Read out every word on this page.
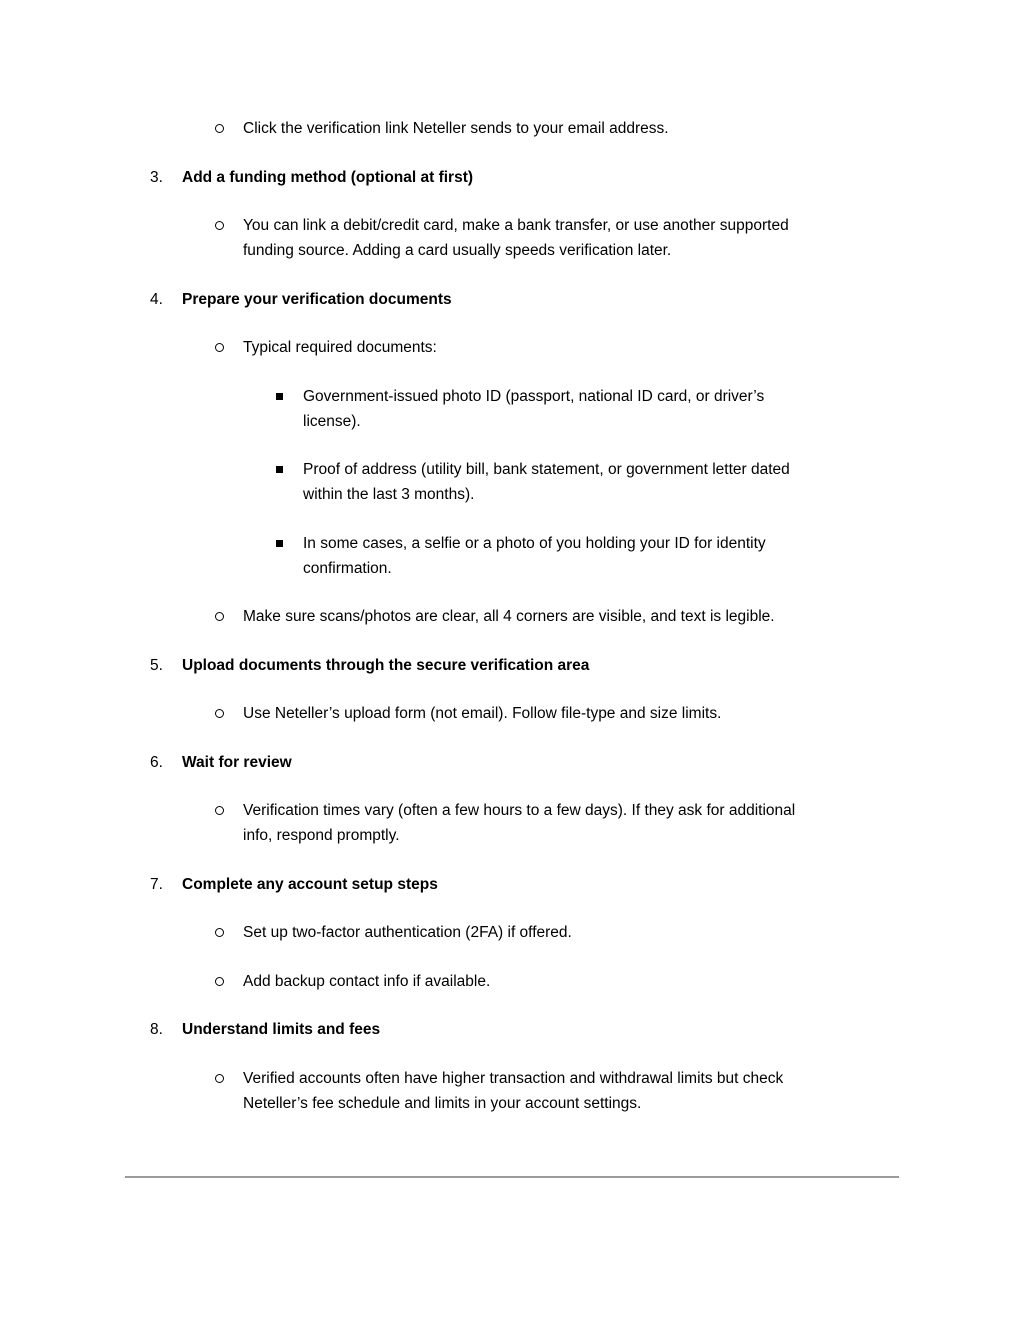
Click the verification link Neteller sends to your email address.
3. Add a funding method (optional at first)
You can link a debit/credit card, make a bank transfer, or use another supported
funding source. Adding a card usually speeds verification later.
4. Prepare your verification documents
Typical required documents:
Government-issued photo ID (passport, national ID card, or driver’s
license).
Proof of address (utility bill, bank statement, or government letter dated
within the last 3 months).
In some cases, a selfie or a photo of you holding your ID for identity
confirmation.
Make sure scans/photos are clear, all 4 corners are visible, and text is legible.
5. Upload documents through the secure verification area
Use Neteller’s upload form (not email). Follow file-type and size limits.
6. Wait for review
Verification times vary (often a few hours to a few days). If they ask for additional
info, respond promptly.
7. Complete any account setup steps
Set up two-factor authentication (2FA) if offered.
Add backup contact info if available.
8. Understand limits and fees
Verified accounts often have higher transaction and withdrawal limits but check
Neteller’s fee schedule and limits in your account settings.
